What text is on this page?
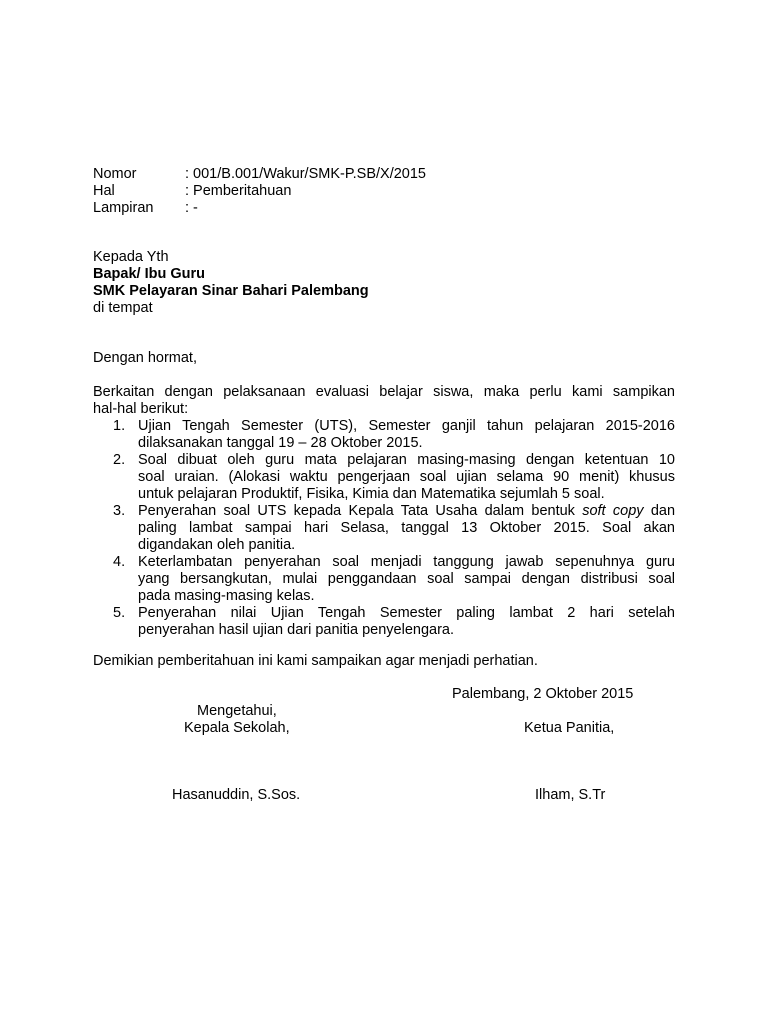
Nomor	: 001/B.001/Wakur/SMK-P.SB/X/2015
Hal	: Pemberitahuan
Lampiran	: -
Kepada Yth
Bapak/ Ibu Guru
SMK Pelayaran Sinar Bahari Palembang
di tempat
Dengan hormat,
Berkaitan dengan pelaksanaan evaluasi belajar siswa, maka perlu kami sampikan
hal-hal berikut:
1. Ujian Tengah Semester (UTS), Semester ganjil tahun pelajaran 2015-2016
dilaksanakan tanggal 19 – 28 Oktober 2015.
2. Soal dibuat oleh guru mata pelajaran masing-masing dengan ketentuan 10
soal uraian. (Alokasi waktu pengerjaan soal ujian selama 90 menit) khusus
untuk pelajaran Produktif, Fisika, Kimia dan Matematika sejumlah 5 soal.
3. Penyerahan soal UTS kepada Kepala Tata Usaha dalam bentuk soft copy dan
paling lambat sampai hari Selasa, tanggal 13 Oktober 2015. Soal akan
digandakan oleh panitia.
4. Keterlambatan penyerahan soal menjadi tanggung jawab sepenuhnya guru
yang bersangkutan, mulai penggandaan soal sampai dengan distribusi soal
pada masing-masing kelas.
5. Penyerahan nilai Ujian Tengah Semester paling lambat 2 hari setelah
penyerahan hasil ujian dari panitia penyelengara.
Demikian pemberitahuan ini kami sampaikan agar menjadi perhatian.
Palembang, 2 Oktober 2015
Mengetahui,
Kepala Sekolah,	Ketua Panitia,
Hasanuddin, S.Sos.	Ilham, S.Tr
